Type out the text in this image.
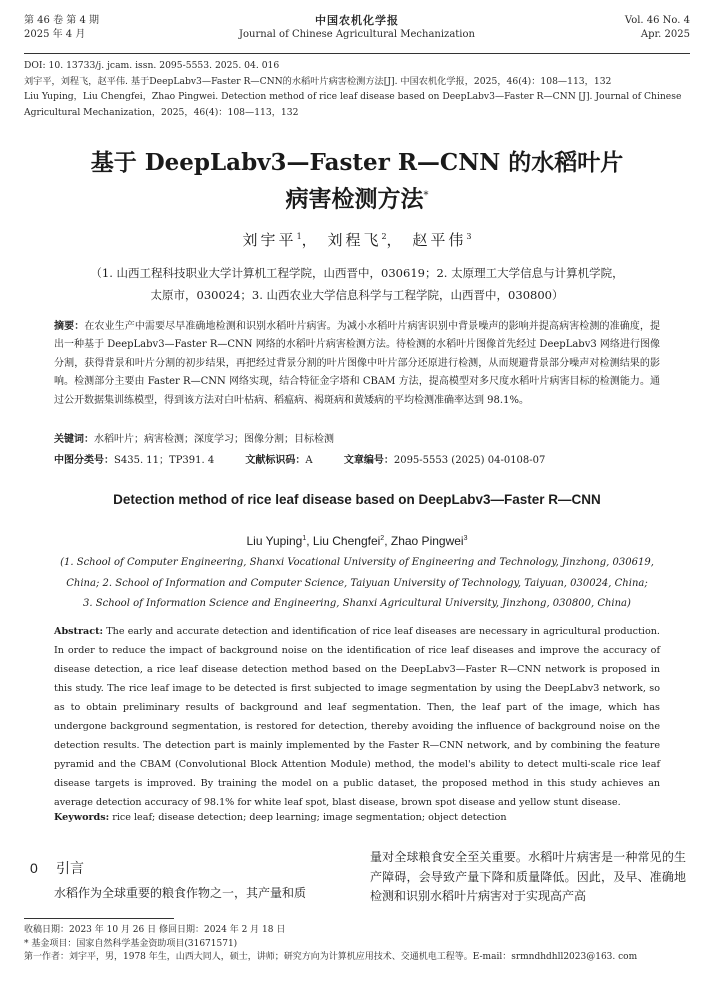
第 46 卷 第 4 期
2025 年 4 月
中国农机化学报
Journal of Chinese Agricultural Mechanization
Vol. 46 No. 4
Apr. 2025
DOI: 10. 13733/j. jcam. issn. 2095-5553. 2025. 04. 016
刘宇平，刘程飞，赵平伟. 基于DeepLabv3—Faster R—CNN的水稻叶片病害检测方法[J]. 中国农机化学报，2025，46(4)：108—113，132
Liu Yuping，Liu Chengfei，Zhao Pingwei. Detection method of rice leaf disease based on DeepLabv3—Faster R—CNN [J]. Journal of Chinese Agricultural Mechanization，2025，46(4)：108—113，132
基于 DeepLabv3—Faster R—CNN 的水稻叶片
病害检测方法*
刘宇平$^1$， 刘程飞$^2$， 赵平伟$^3$
（1. 山西工程科技职业大学计算机工程学院，山西晋中，030619；2. 太原理工大学信息与计算机学院，
太原市，030024；3. 山西农业大学信息科学与工程学院，山西晋中，030800）
摘要：在农业生产中需要尽早准确地检测和识别水稻叶片病害。为减小水稻叶片病害识别中背景噪声的影响并提高病害检测的准确度，提出一种基于 DeepLabv3—Faster R—CNN 网络的水稻叶片病害检测方法。待检测的水稻叶片图像首先经过 DeepLabv3 网络进行图像分割，获得背景和叶片分割的初步结果，再把经过背景分割的叶片图像中叶片部分还原进行检测，从而规避背景部分噪声对检测结果的影响。检测部分主要由 Faster R—CNN 网络实现，结合特征金字塔和 CBAM 方法，提高模型对多尺度水稻叶片病害目标的检测能力。通过公开数据集训练模型，得到该方法对白叶枯病、稻瘟病、褐斑病和黄矮病的平均检测准确率达到 98.1%。
关键词：水稻叶片；病害检测；深度学习；图像分割；目标检测
中图分类号：S435. 11；TP391. 4	文献标识码：A	文章编号：2095-5553 (2025) 04-0108-07
Detection method of rice leaf disease based on DeepLabv3—Faster R—CNN
Liu Yuping$^1$, Liu Chengfei$^2$, Zhao Pingwei$^3$
(1. School of Computer Engineering, Shanxi Vocational University of Engineering and Technology, Jinzhong, 030619,
China; 2. School of Information and Computer Science, Taiyuan University of Technology, Taiyuan, 030024, China;
3. School of Information Science and Engineering, Shanxi Agricultural University, Jinzhong, 030800, China)
Abstract: The early and accurate detection and identification of rice leaf diseases are necessary in agricultural production. In order to reduce the impact of background noise on the identification of rice leaf diseases and improve the accuracy of disease detection, a rice leaf disease detection method based on the DeepLabv3—Faster R—CNN network is proposed in this study. The rice leaf image to be detected is first subjected to image segmentation by using the DeepLabv3 network, so as to obtain preliminary results of background and leaf segmentation. Then, the leaf part of the image, which has undergone background segmentation, is restored for detection, thereby avoiding the influence of background noise on the detection results. The detection part is mainly implemented by the Faster R—CNN network, and by combining the feature pyramid and the CBAM (Convolutional Block Attention Module) method, the model's ability to detect multi-scale rice leaf disease targets is improved. By training the model on a public dataset, the proposed method in this study achieves an average detection accuracy of 98.1% for white leaf spot, blast disease, brown spot disease and yellow stunt disease.
Keywords: rice leaf; disease detection; deep learning; image segmentation; object detection
0 引言
水稻作为全球重要的粮食作物之一，其产量和质
量对全球粮食安全至关重要。水稻叶片病害是一种常见的生产障碍，会导致产量下降和质量降低。因此，及早、准确地检测和识别水稻叶片病害对于实现高产高
收稿日期：2023 年 10 月 26 日 修回日期：2024 年 2 月 18 日
* 基金项目：国家自然科学基金资助项目(31671571)
第一作者：刘宇平，男，1978 年生，山西大同人，硕士，讲师；研究方向为计算机应用技术、交通机电工程等。E-mail：srmndhdhll2023@163. com
